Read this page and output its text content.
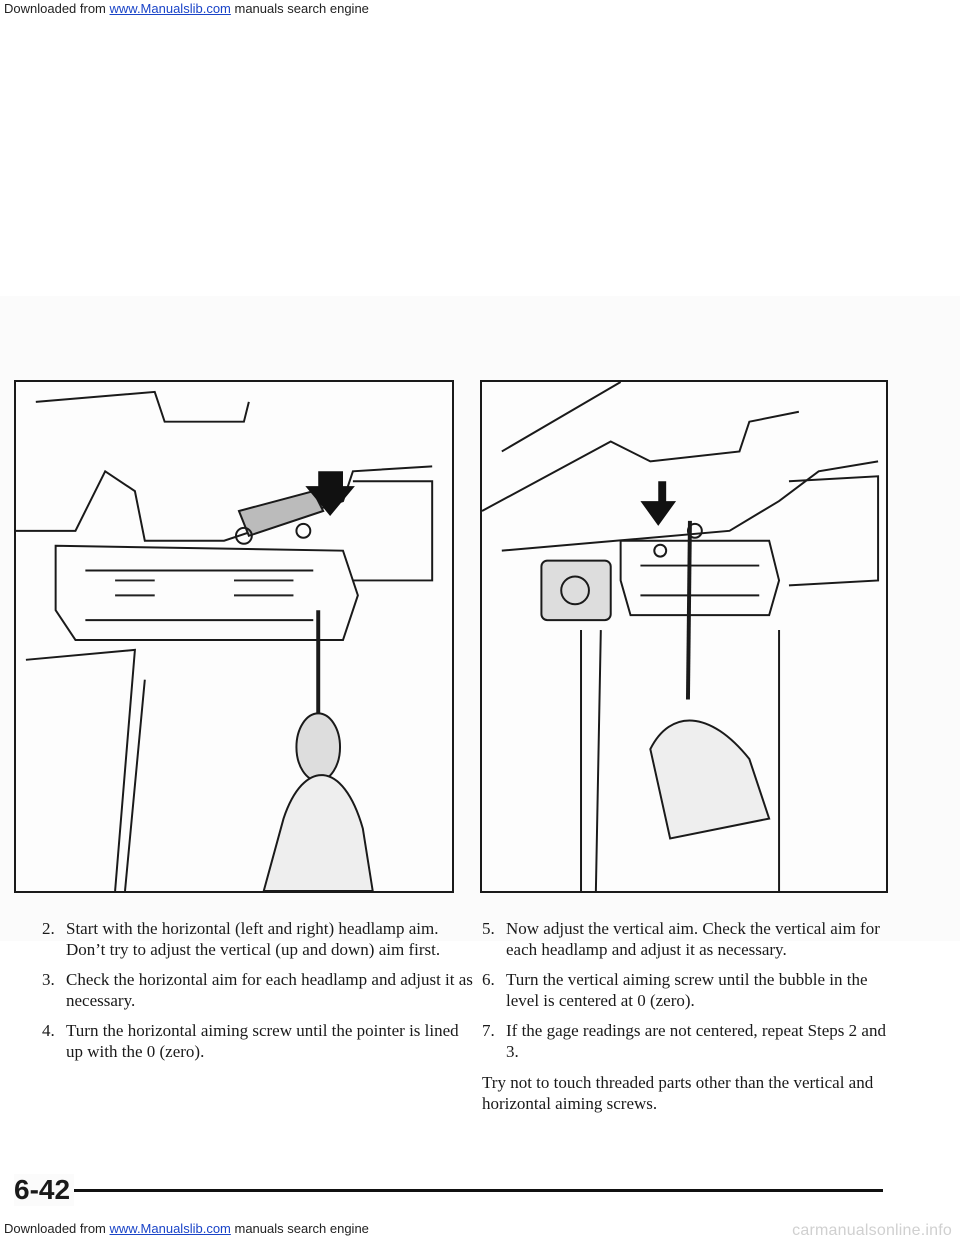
Downloaded from www.Manualslib.com manuals search engine
2. Start with the horizontal (left and right) headlamp aim. Don’t try to adjust the vertical (up and down) aim first.
3. Check the horizontal aim for each headlamp and adjust it as necessary.
4. Turn the horizontal aiming screw until the pointer is lined up with the 0 (zero).
5. Now adjust the vertical aim. Check the vertical aim for each headlamp and adjust it as necessary.
6. Turn the vertical aiming screw until the bubble in the level is centered at 0 (zero).
7. If the gage readings are not centered, repeat Steps 2 and 3.
Try not to touch threaded parts other than the vertical and horizontal aiming screws.
6-42
Downloaded from www.Manualslib.com manuals search engine	carmanualsonline.info
